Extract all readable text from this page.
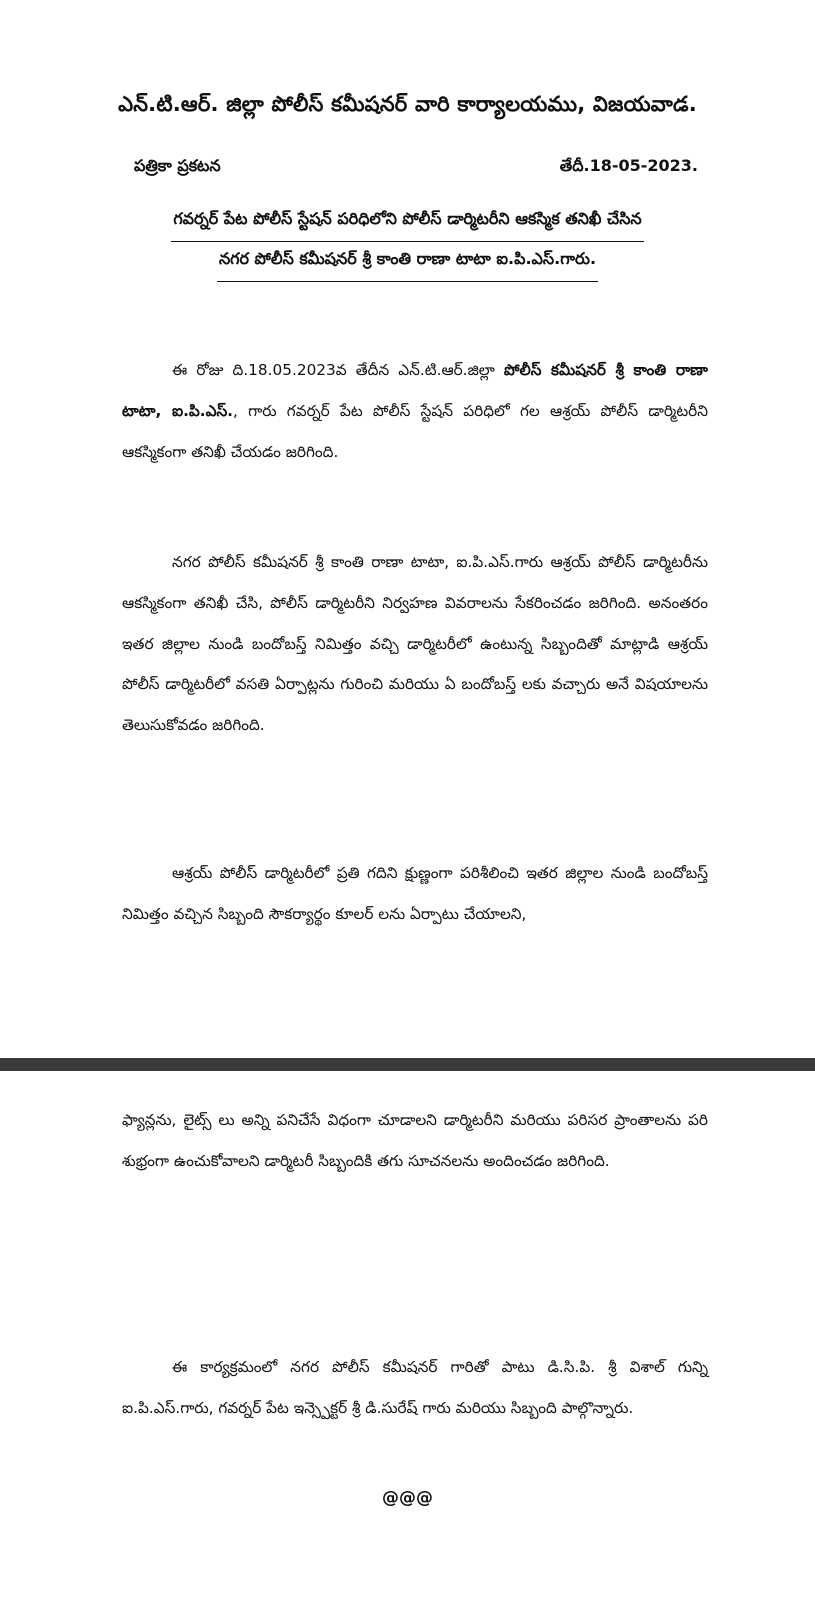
ఎన్.టి.ఆర్. జిల్లా పోలీస్ కమీషనర్ వారి కార్యాలయము, విజయవాడ.
పత్రికా ప్రకటన	తేదీ.18-05-2023.
గవర్నర్ పేట పోలీస్ స్టేషన్ పరిధిలోని పోలీస్ డార్మిటరీని ఆకస్మిక తనిఖీ చేసిన
నగర పోలీస్ కమీషనర్ శ్రీ కాంతి రాణా టాటా ఐ.పి.ఎస్.గారు.

ఈ రోజు ది.18.05.2023వ తేదీన ఎన్.టి.ఆర్.జిల్లా పోలీస్ కమీషనర్ శ్రీ కాంతి రాణా టాటా, ఐ.పి.ఎస్., గారు గవర్నర్ పేట పోలీస్ స్టేషన్ పరిధిలో గల ఆశ్రయ్ పోలీస్ డార్మిటరీని ఆకస్మికంగా తనిఖీ చేయడం జరిగింది.

నగర పోలీస్ కమీషనర్ శ్రీ కాంతి రాణా టాటా, ఐ.పి.ఎస్.గారు ఆశ్రయ్ పోలీస్ డార్మిటరీను ఆకస్మికంగా తనిఖీ చేసి, పోలీస్ డార్మిటరీని నిర్వహణ వివరాలను సేకరించడం జరిగింది. అనంతరం ఇతర జిల్లాల నుండి బందోబస్త్ నిమిత్తం వచ్చి డార్మిటరీలో ఉంటున్న సిబ్బందితో మాట్లాడి ఆశ్రయ్ పోలీస్ డార్మిటరీలో వసతి ఏర్పాట్లను గురించి మరియు ఏ బందోబస్త్ లకు వచ్చారు అనే విషయాలను తెలుసుకోవడం జరిగింది.

ఆశ్రయ్ పోలీస్ డార్మిటరీలో ప్రతి గదిని క్షుణ్ణంగా పరిశీలించి ఇతర జిల్లాల నుండి బందోబస్త్ నిమిత్తం వచ్చిన సిబ్బంది సౌకర్యార్థం కూలర్ లను ఏర్పాటు చేయాలని,

ఫ్యాన్లను, లైట్స్ లు అన్ని పనిచేసే విధంగా చూడాలని డార్మిటరీని మరియు పరిసర ప్రాంతాలను పరి శుభ్రంగా ఉంచుకోవాలని డార్మిటరీ సిబ్బందికి తగు సూచనలను అందించడం జరిగింది.

ఈ కార్యక్రమంలో నగర పోలీస్ కమీషనర్ గారితో పాటు డి.సి.పి. శ్రీ విశాల్ గున్ని ఐ.పి.ఎస్.గారు, గవర్నర్ పేట ఇన్స్పెక్టర్ శ్రీ డి.సురేష్ గారు మరియు సిబ్బంది పాల్గొన్నారు.

@@@
